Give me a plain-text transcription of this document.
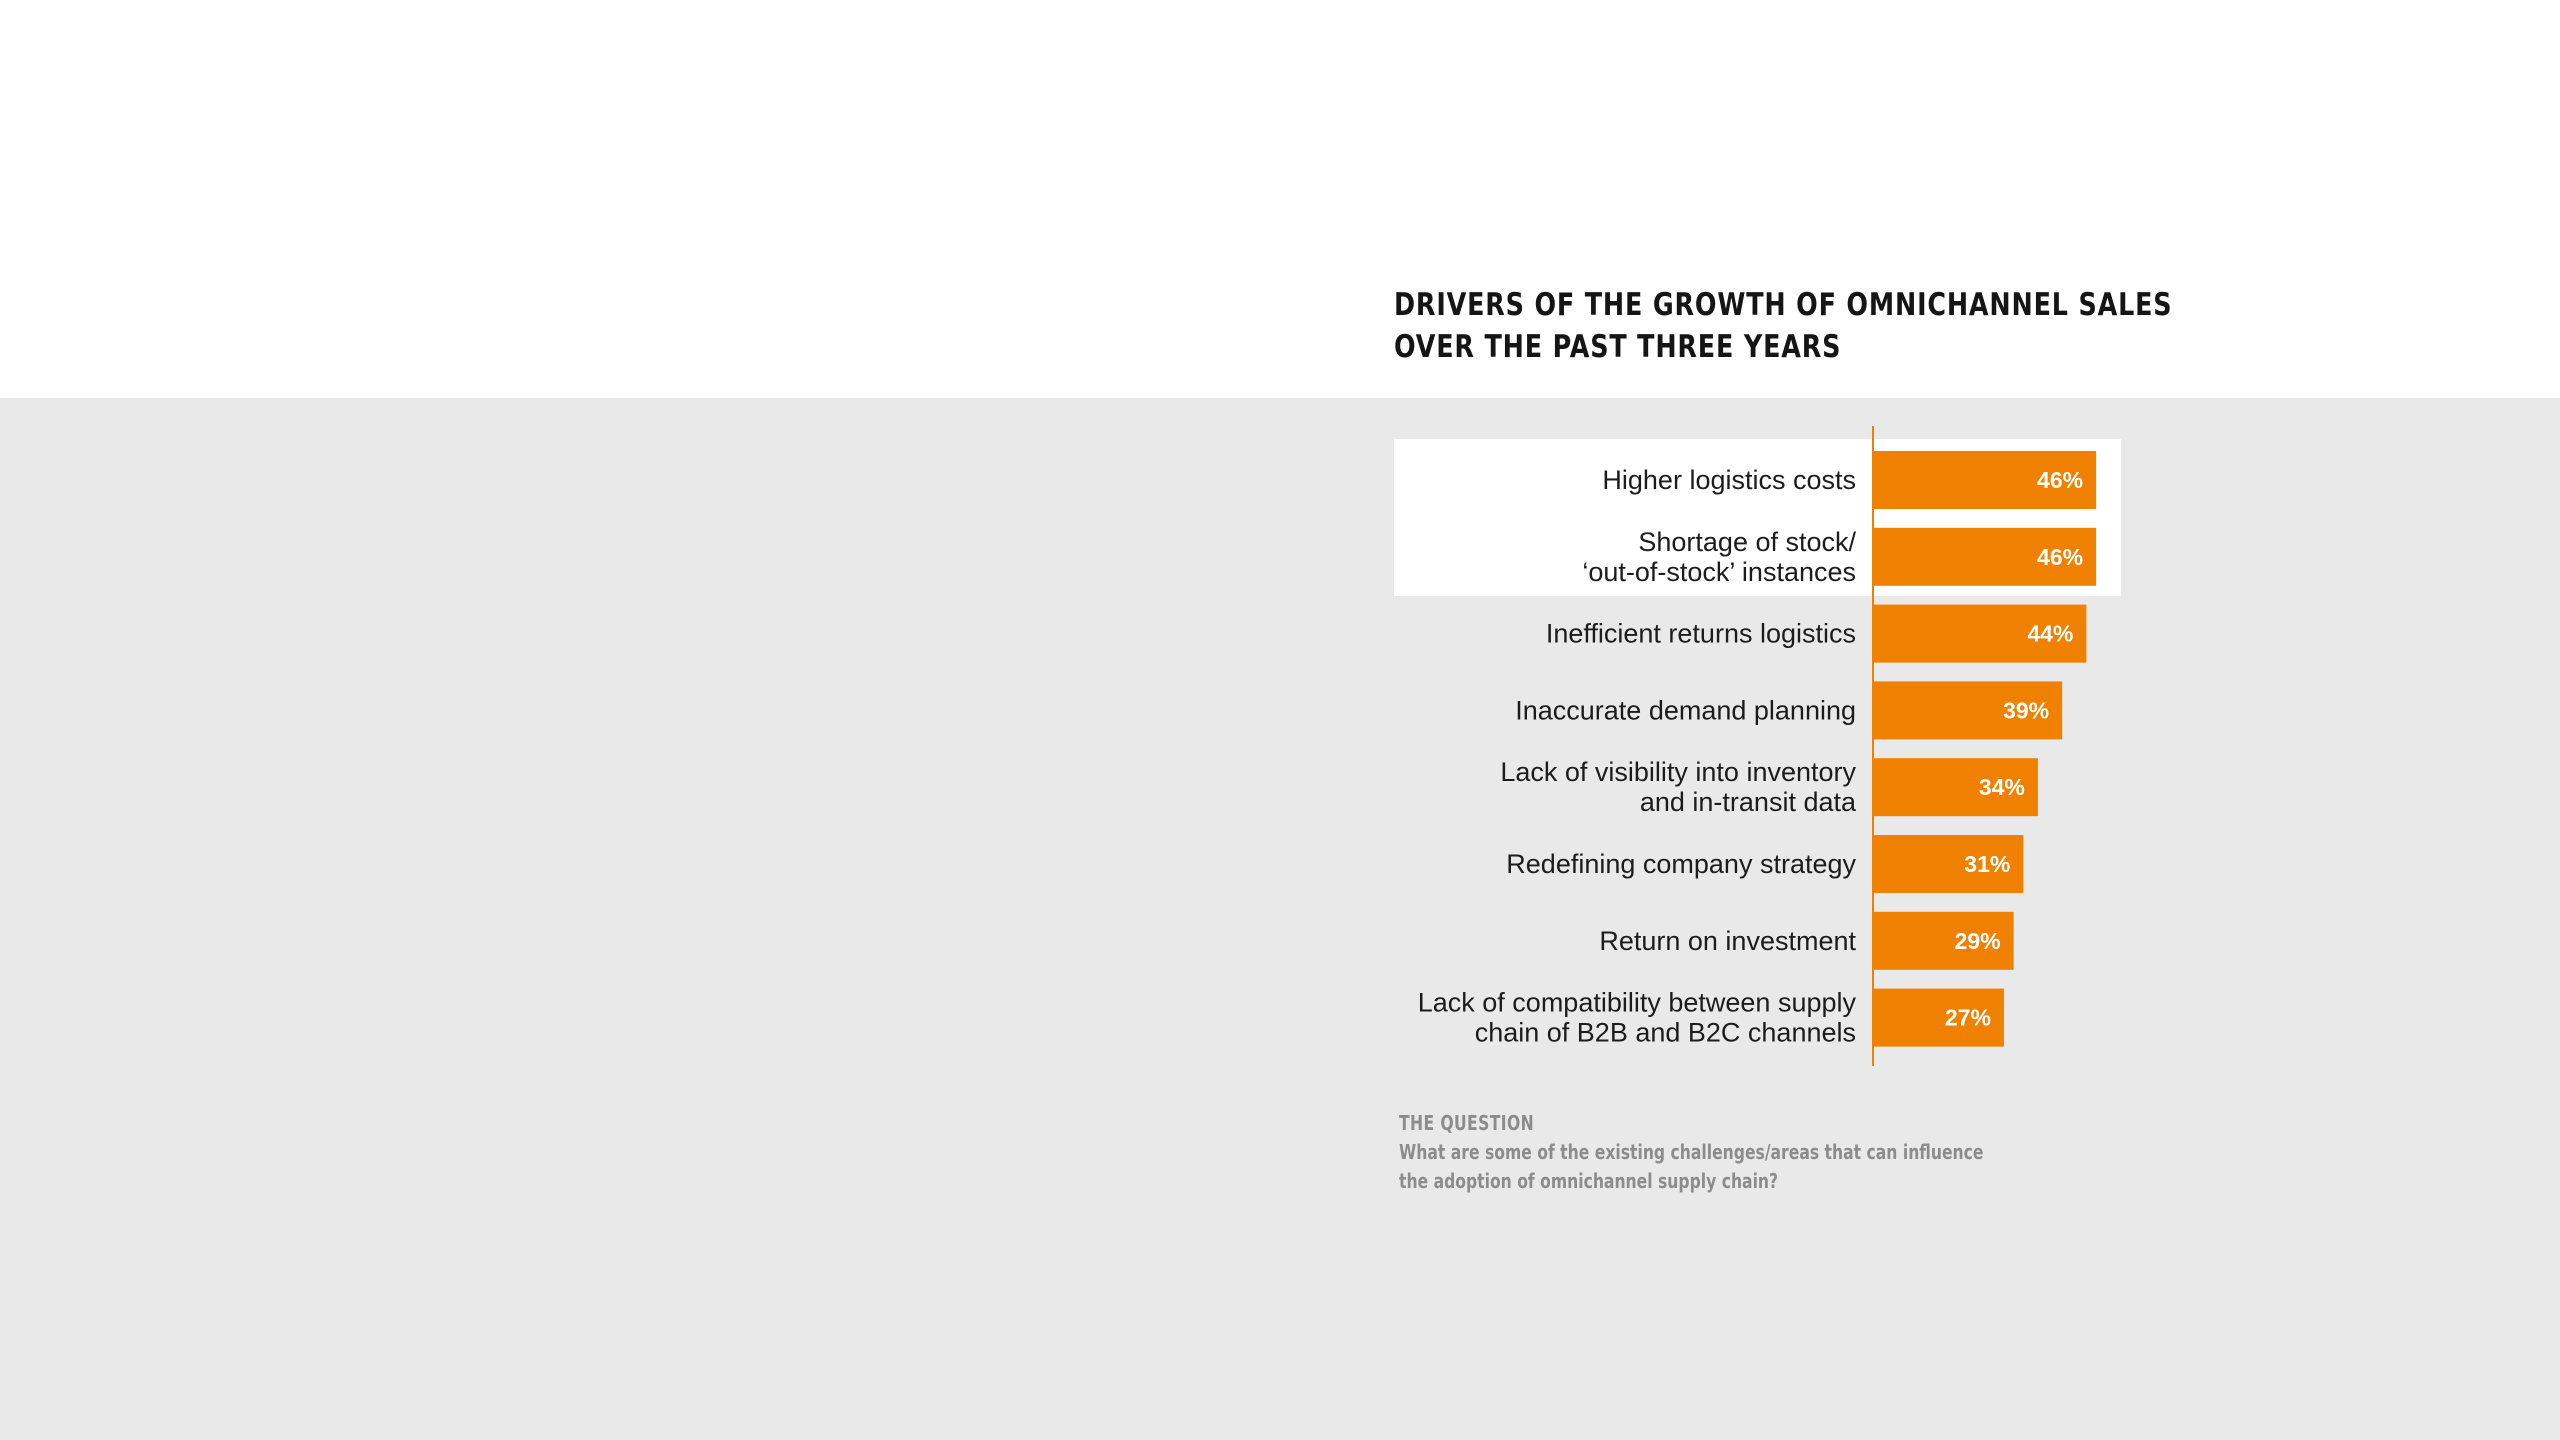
DRIVERS OF THE GROWTH OF OMNICHANNEL SALES
OVER THE PAST THREE YEARS
46%
46%
44%
39%
34%
31%
29%
27%
Higher logistics costs
Shortage of stock/
‘out-of-stock’ instances
Inefficient returns logistics
Inaccurate demand planning
Lack of visibility into inventory
and in-transit data
Redefining company strategy
Return on investment
Lack of compatibility between supply
chain of B2B and B2C channels
THE QUESTION
What are some of the existing challenges/areas that can influence
the adoption of omnichannel supply chain?
